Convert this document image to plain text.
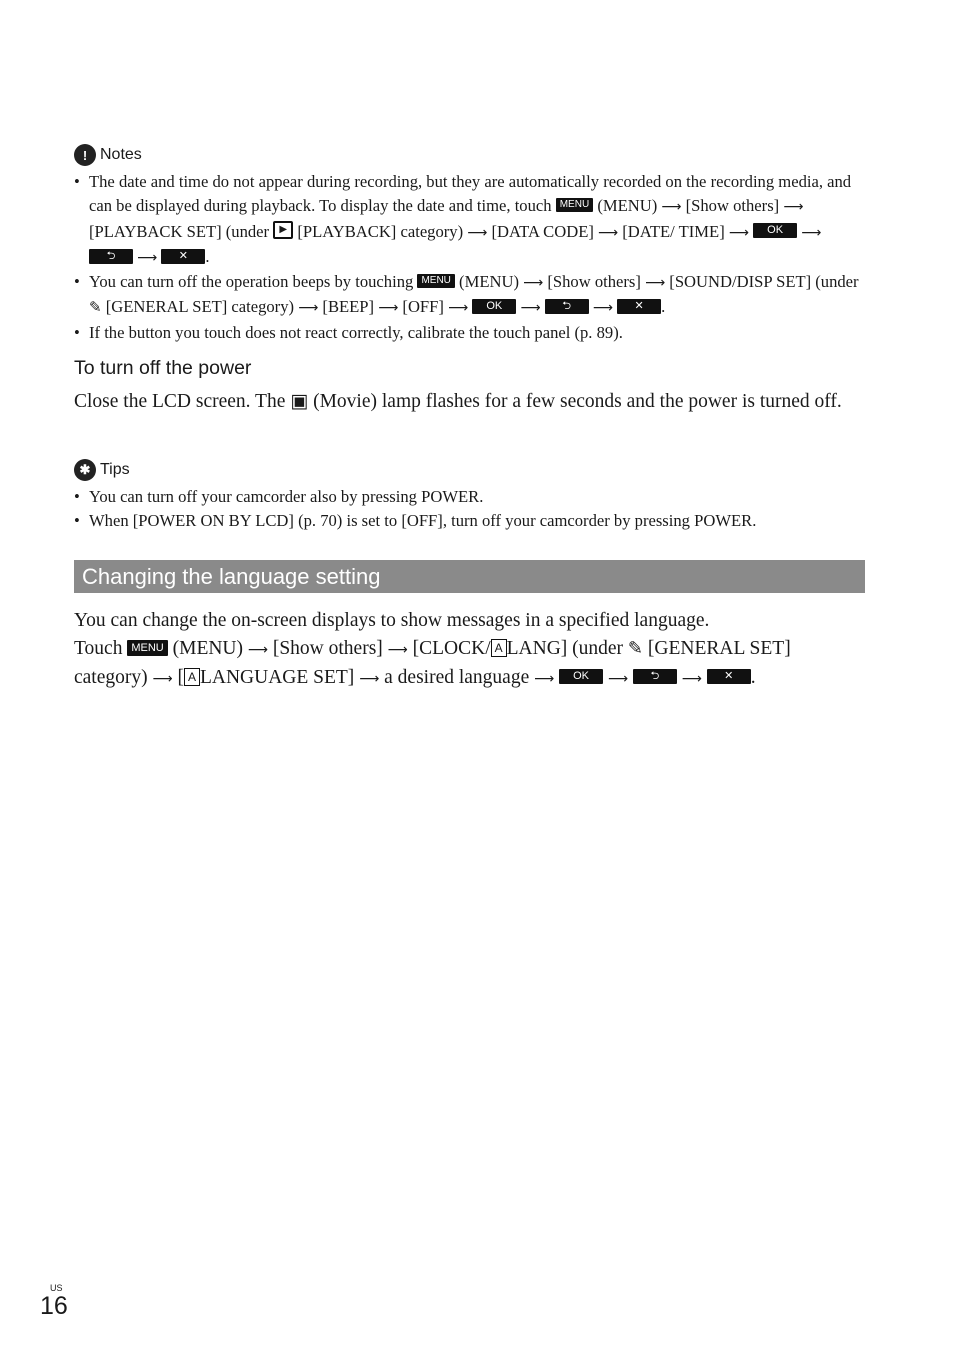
! Notes
• The date and time do not appear during recording, but they are automatically recorded on the recording media, and can be displayed during playback. To display the date and time, touch MENU (MENU) ⟶ [Show others] ⟶ [PLAYBACK SET] (under ▶ [PLAYBACK] category) ⟶ [DATA CODE] ⟶ [DATE/ TIME] ⟶ OK ⟶ ⮌ ⟶ ✕ .
• You can turn off the operation beeps by touching MENU (MENU) ⟶ [Show others] ⟶ [SOUND/DISP SET] (under ✎ [GENERAL SET] category) ⟶ [BEEP] ⟶ [OFF] ⟶ OK ⟶ ⮌ ⟶ ✕ .
• If the button you touch does not react correctly, calibrate the touch panel (p. 89).
To turn off the power
Close the LCD screen. The ▣ (Movie) lamp flashes for a few seconds and the power is turned off.
✱ Tips
• You can turn off your camcorder also by pressing POWER.
• When [POWER ON BY LCD] (p. 70) is set to [OFF], turn off your camcorder by pressing POWER.
Changing the language setting
You can change the on-screen displays to show messages in a specified language.
Touch MENU (MENU) ⟶ [Show others] ⟶ [CLOCK/ A LANG] (under ✎ [GENERAL SET] category) ⟶ [ A LANGUAGE SET] ⟶ a desired language ⟶ OK ⟶ ⮌ ⟶ ✕ .
US
16
